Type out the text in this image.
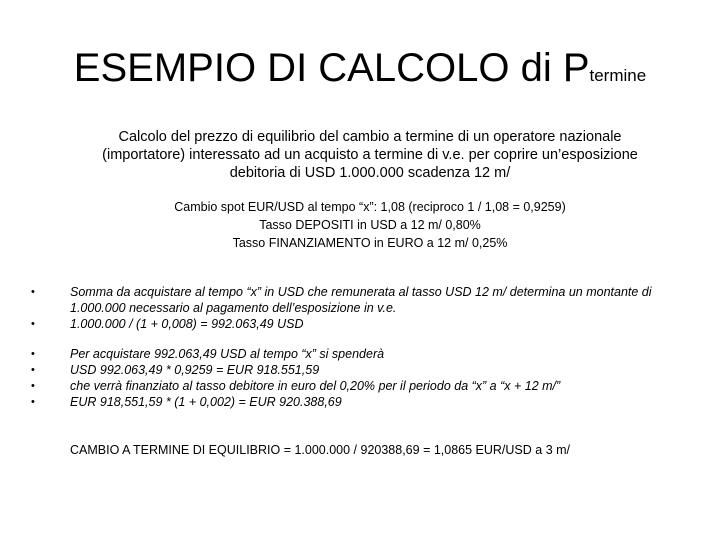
ESEMPIO DI CALCOLO di Ptermine
Calcolo del prezzo di equilibrio del cambio a termine di un operatore nazionale
(importatore) interessato ad un acquisto a termine di v.e. per coprire un’esposizione
debitoria di USD 1.000.000 scadenza 12 m/
Cambio spot EUR/USD al tempo “x”: 1,08 (reciproco 1 / 1,08 = 0,9259)
Tasso DEPOSITI in USD a 12 m/ 0,80%
Tasso FINANZIAMENTO in EURO a 12 m/ 0,25%
•	Somma da acquistare al tempo “x” in USD che remunerata al tasso USD 12 m/ determina un montante di 1.000.000 necessario al pagamento dell’esposizione in v.e.
•	1.000.000 / (1 + 0,008) = 992.063,49 USD
•	Per acquistare 992.063,49 USD al tempo “x” si spenderà
•	USD 992.063,49 * 0,9259 = EUR 918.551,59
•	che verrà finanziato al tasso debitore in euro del 0,20% per il periodo da “x” a “x + 12 m/”
•	EUR 918,551,59 * (1 + 0,002) = EUR 920.388,69
CAMBIO A TERMINE DI EQUILIBRIO = 1.000.000 / 920388,69 = 1,0865 EUR/USD a 3 m/
